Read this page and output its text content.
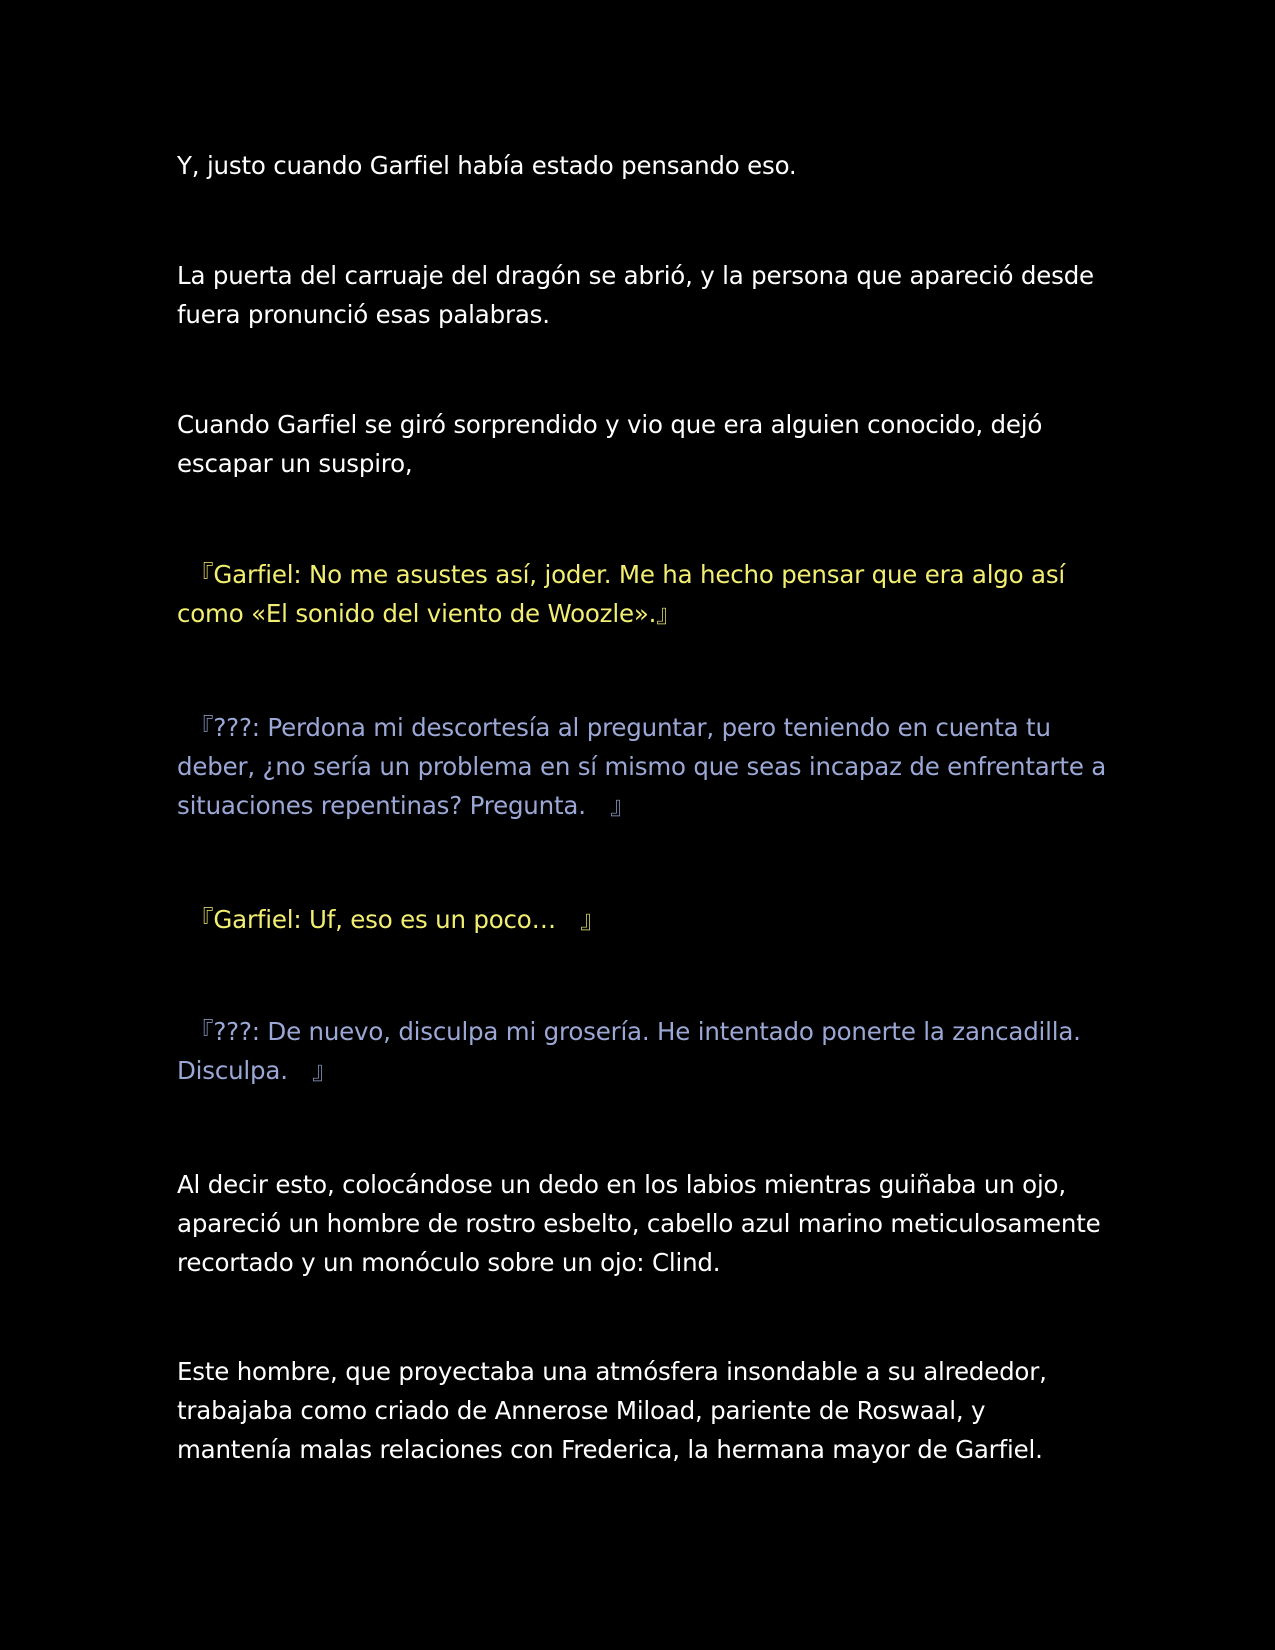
Y, justo cuando Garfiel había estado pensando eso.

La puerta del carruaje del dragón se abrió, y la persona que apareció desde fuera pronunció esas palabras.

Cuando Garfiel se giró sorprendido y vio que era alguien conocido, dejó escapar un suspiro,

　『Garfiel: No me asustes así, joder. Me ha hecho pensar que era algo así como «El sonido del viento de Woozle».』

　『???: Perdona mi descortesía al preguntar, pero teniendo en cuenta tu deber, ¿no sería un problema en sí mismo que seas incapaz de enfrentarte a situaciones repentinas? Pregunta.　』

　『Garfiel: Uf, eso es un poco…　』

　『???: De nuevo, disculpa mi grosería. He intentado ponerte la zancadilla. Disculpa.　』

Al decir esto, colocándose un dedo en los labios mientras guiñaba un ojo, apareció un hombre de rostro esbelto, cabello azul marino meticulosamente recortado y un monóculo sobre un ojo: Clind.

Este hombre, que proyectaba una atmósfera insondable a su alrededor, trabajaba como criado de Annerose Miload, pariente de Roswaal, y mantenía malas relaciones con Frederica, la hermana mayor de Garfiel.
